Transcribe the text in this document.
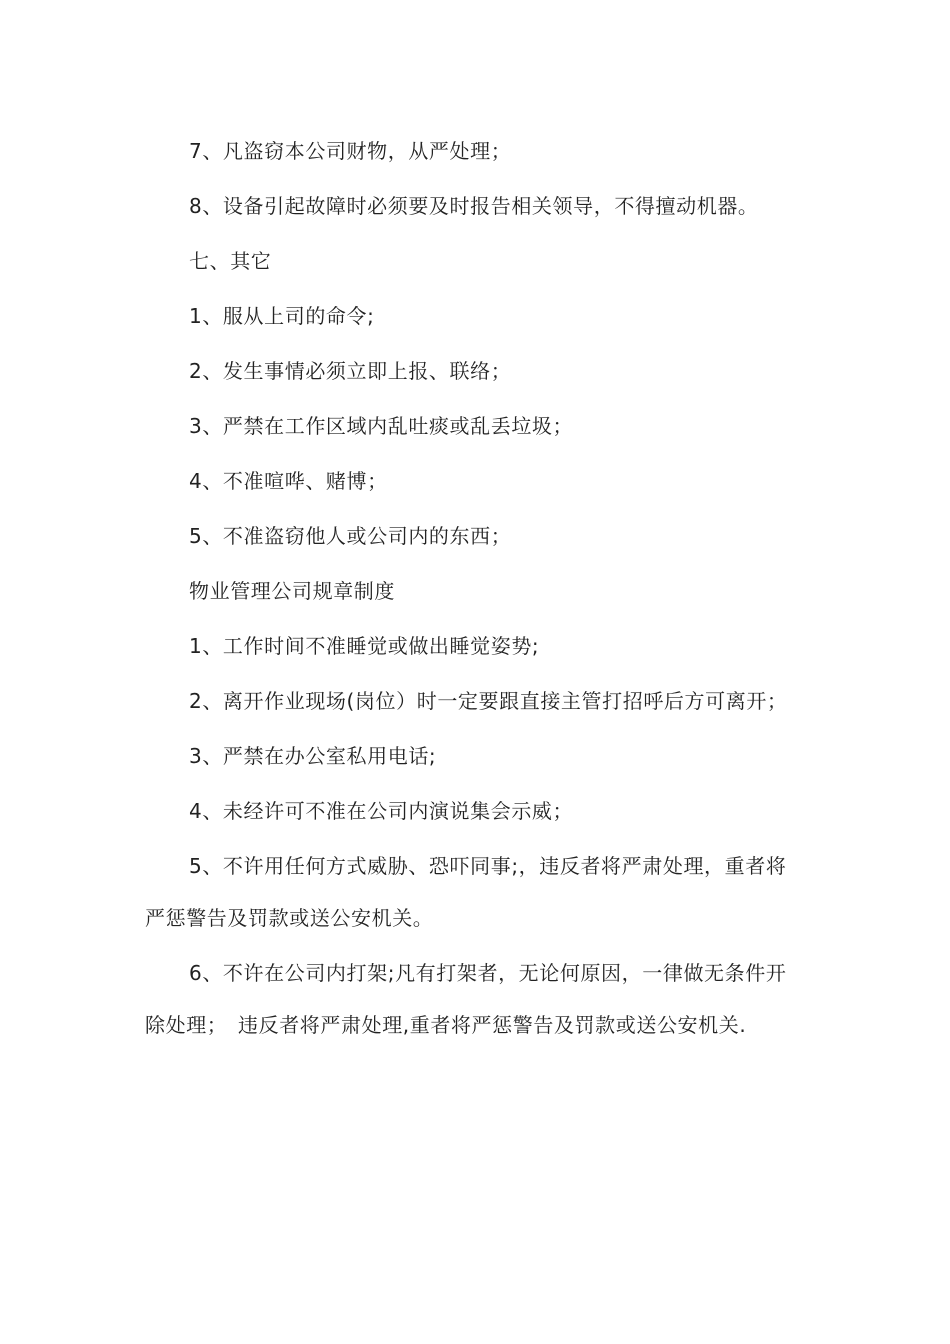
7、凡盗窃本公司财物，从严处理；

8、设备引起故障时必须要及时报告相关领导，不得擅动机器。

七、其它

1、服从上司的命令;

2、发生事情必须立即上报、联络；

3、严禁在工作区域内乱吐痰或乱丢垃圾；

4、不准喧哗、赌博；

5、不准盗窃他人或公司内的东西；

物业管理公司规章制度

1、工作时间不准睡觉或做出睡觉姿势;

2、离开作业现场(岗位）时一定要跟直接主管打招呼后方可离开；

3、严禁在办公室私用电话;

4、未经许可不准在公司内演说集会示威；

5、不许用任何方式威胁、恐吓同事;，违反者将严肃处理，重者将严惩警告及罚款或送公安机关。

6、不许在公司内打架;凡有打架者，无论何原因，一律做无条件开除处理；　违反者将严肃处理,重者将严惩警告及罚款或送公安机关.
